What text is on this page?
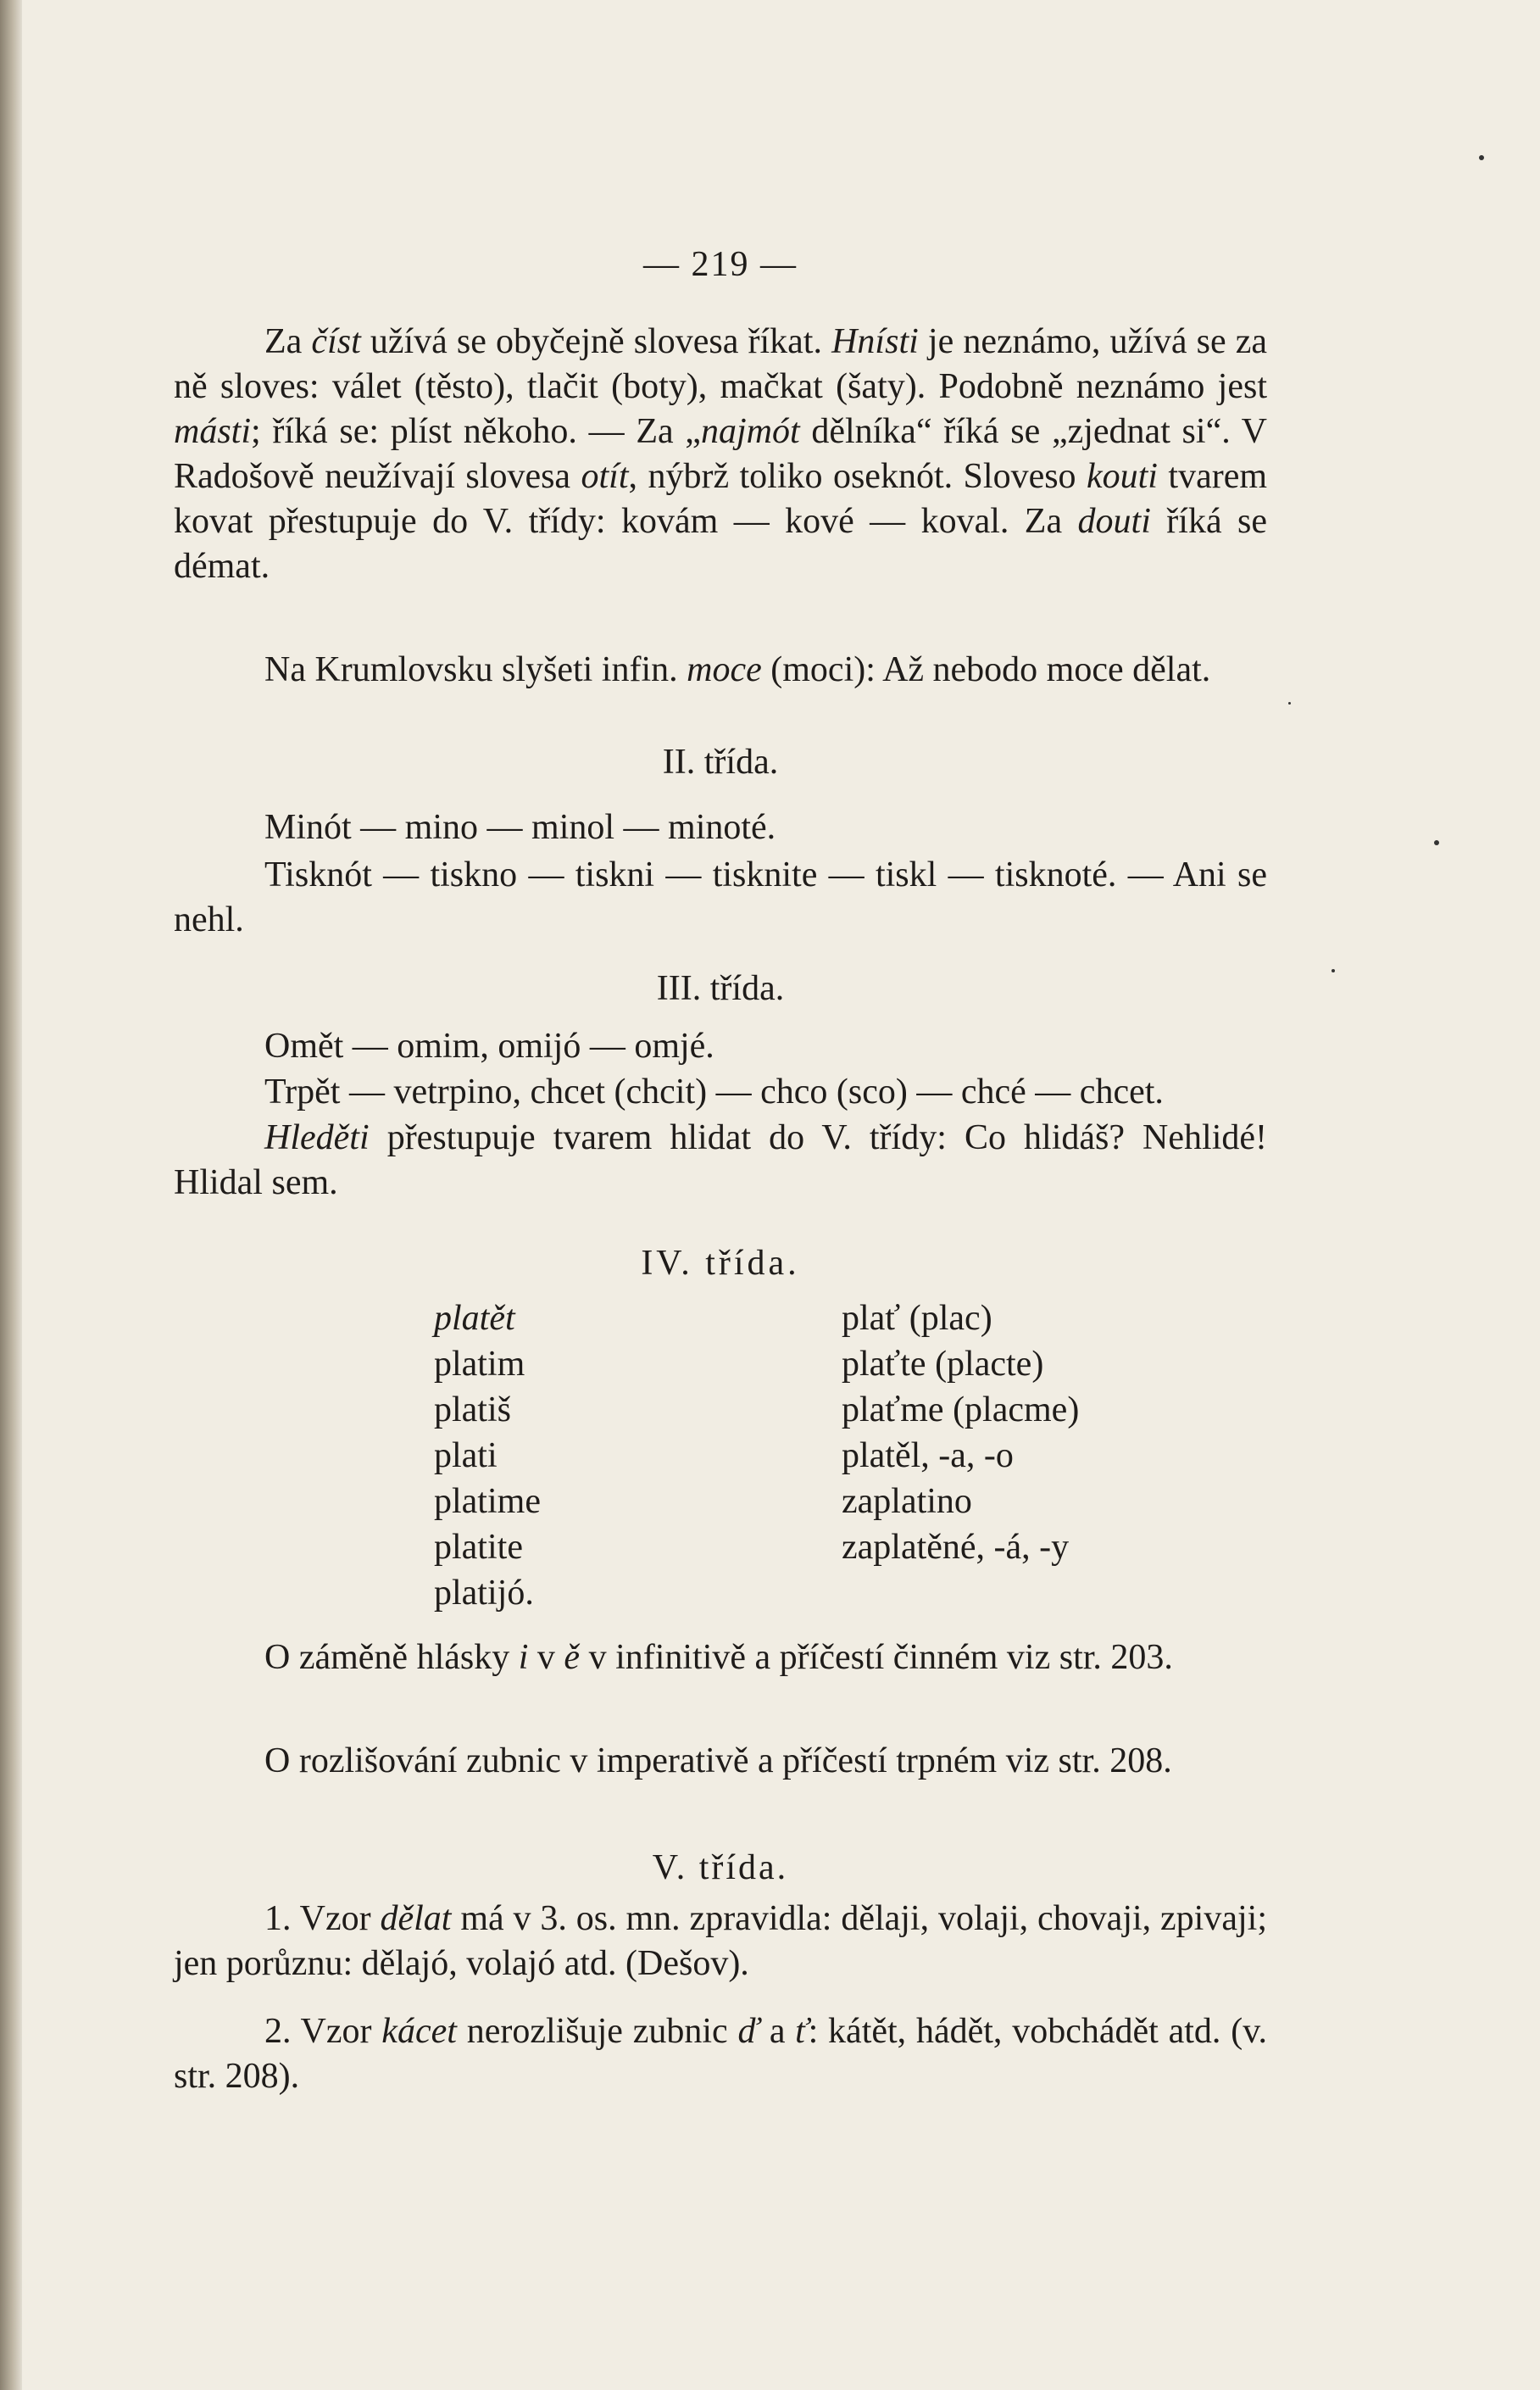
— 219 —
Za číst užívá se obyčejně slovesa říkat. Hnísti je neznámo, užívá se za ně sloves: válet (těsto), tlačit (boty), mačkat (šaty). Podobně neznámo jest másti; říká se: plíst někoho. — Za „najmót dělníka“ říká se „zjednat si“. V Radošově neužívají slovesa otít, nýbrž toliko oseknót. Sloveso kouti tvarem kovat přestupuje do V. třídy: kovám — kové — koval. Za douti říká se démat.
Na Krumlovsku slyšeti infin. moce (moci): Až nebodo moce dělat.
II. třída.
Minót — mino — minol — minoté.
Tisknót — tiskno — tiskni — tisknite — tiskl — tisknoté. — Ani se nehl.
III. třída.
Omět — omim, omijó — omjé.
Trpět — vetrpino, chcet (chcit) — chco (sco) — chcé — chcet.
Hleděti přestupuje tvarem hlidat do V. třídy: Co hlidáš? Nehlidé! Hlidal sem.
IV. třída.
platět
platim
platiš
plati
platime
platite
platijó.
plať (plac)
plaťte (placte)
plaťme (placme)
platěl, -a, -o
zaplatino
zaplatěné, -á, -y
O záměně hlásky i v ě v infinitivě a příčestí činném viz str. 203.
O rozlišování zubnic v imperativě a příčestí trpném viz str. 208.
V. třída.
1. Vzor dělat má v 3. os. mn. zpravidla: dělaji, volaji, chovaji, zpivaji; jen porůznu: dělajó, volajó atd. (Dešov).
2. Vzor kácet nerozlišuje zubnic ď a ť: kátět, hádět, vobchádět atd. (v. str. 208).
